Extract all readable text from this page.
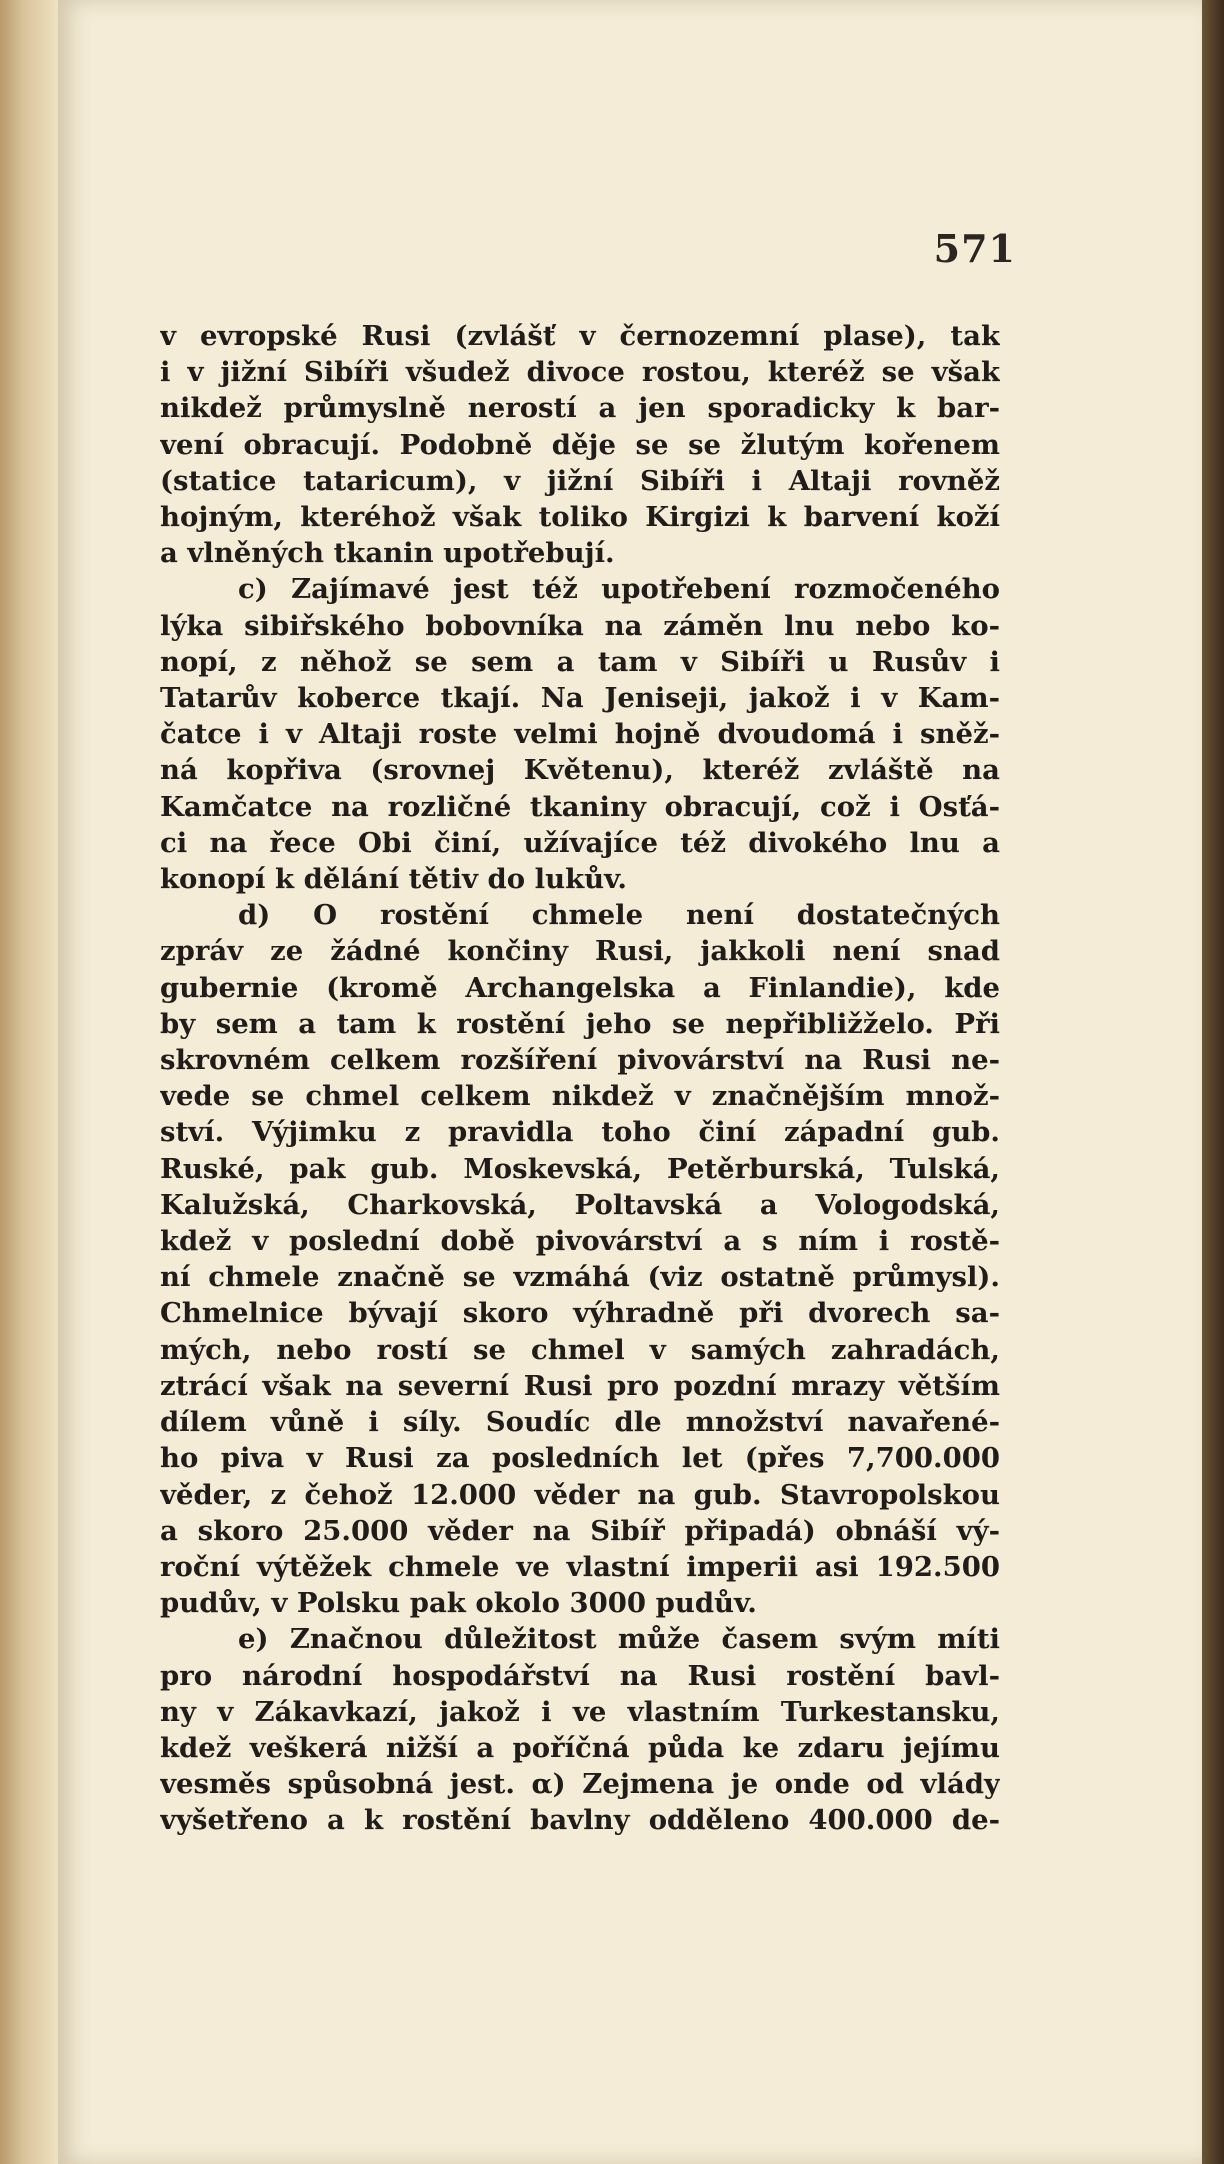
571
v evropské Rusi (zvlášť v černozemní plase), tak
i v jižní Sibíři všudež divoce rostou, kteréž se však
nikdež průmyslně nerostí a jen sporadicky k bar-
vení obracují. Podobně děje se se žlutým kořenem
(statice tataricum), v jižní Sibíři i Altaji rovněž
hojným, kteréhož však toliko Kirgizi k barvení koží
a vlněných tkanin upotřebují.
c) Zajímavé jest též upotřebení rozmočeného
lýka sibiřského bobovníka na záměn lnu nebo ko-
nopí, z něhož se sem a tam v Sibíři u Rusův i
Tatarův koberce tkají. Na Jeniseji, jakož i v Kam-
čatce i v Altaji roste velmi hojně dvoudomá i sněž-
ná kopřiva (srovnej Květenu), kteréž zvláště na
Kamčatce na rozličné tkaniny obracují, což i Osťá-
ci na řece Obi činí, užívajíce též divokého lnu a
konopí k dělání tětiv do lukův.
d) O rostění chmele není dostatečných
zpráv ze žádné končiny Rusi, jakkoli není snad
gubernie (kromě Archangelska a Finlandie), kde
by sem a tam k rostění jeho se nepřibližželo. Při
skrovném celkem rozšíření pivovárství na Rusi ne-
vede se chmel celkem nikdež v značnějším množ-
ství. Výjimku z pravidla toho činí západní gub.
Ruské, pak gub. Moskevská, Petěrburská, Tulská,
Kalužská, Charkovská, Poltavská a Vologodská,
kdež v poslední době pivovárství a s ním i rostě-
ní chmele značně se vzmáhá (viz ostatně průmysl).
Chmelnice bývají skoro výhradně při dvorech sa-
mých, nebo rostí se chmel v samých zahradách,
ztrácí však na severní Rusi pro pozdní mrazy větším
dílem vůně i síly. Soudíc dle množství navařené-
ho piva v Rusi za posledních let (přes 7,700.000
věder, z čehož 12.000 věder na gub. Stavropolskou
a skoro 25.000 věder na Sibíř připadá) obnáší vý-
roční výtěžek chmele ve vlastní imperii asi 192.500
pudův, v Polsku pak okolo 3000 pudův.
e) Značnou důležitost může časem svým míti
pro národní hospodářství na Rusi rostění bavl-
ny v Zákavkazí, jakož i ve vlastním Turkestansku,
kdež veškerá nižší a poříčná půda ke zdaru jejímu
vesměs spůsobná jest. α) Zejmena je onde od vlády
vyšetřeno a k rostění bavlny odděleno 400.000 de-
